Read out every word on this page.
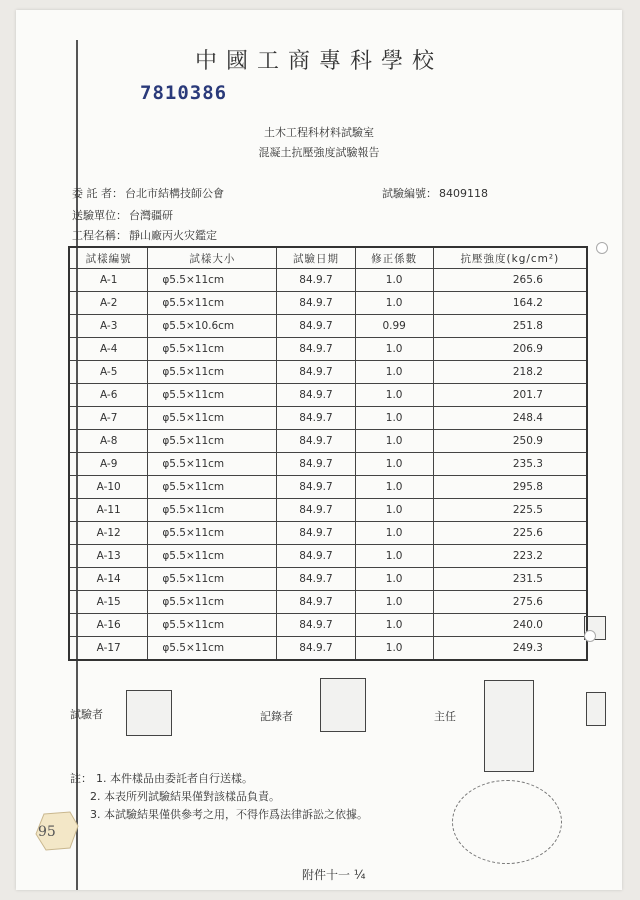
中國工商專科學校
7810386
土木工程科材料試驗室
混凝土抗壓強度試驗報告
委 託 者： 台北市結構技師公會	試驗編號： 8409118
送驗單位： 台灣疆研
工程名稱： 靜山廠丙火灾鑑定
試樣編號	試樣大小	試驗日期	修正係數	抗壓強度(kg/cm²)
A-1	φ5.5×11cm	84.9.7	1.0	265.6
A-2	φ5.5×11cm	84.9.7	1.0	164.2
A-3	φ5.5×10.6cm	84.9.7	0.99	251.8
A-4	φ5.5×11cm	84.9.7	1.0	206.9
A-5	φ5.5×11cm	84.9.7	1.0	218.2
A-6	φ5.5×11cm	84.9.7	1.0	201.7
A-7	φ5.5×11cm	84.9.7	1.0	248.4
A-8	φ5.5×11cm	84.9.7	1.0	250.9
A-9	φ5.5×11cm	84.9.7	1.0	235.3
A-10	φ5.5×11cm	84.9.7	1.0	295.8
A-11	φ5.5×11cm	84.9.7	1.0	225.5
A-12	φ5.5×11cm	84.9.7	1.0	225.6
A-13	φ5.5×11cm	84.9.7	1.0	223.2
A-14	φ5.5×11cm	84.9.7	1.0	231.5
A-15	φ5.5×11cm	84.9.7	1.0	275.6
A-16	φ5.5×11cm	84.9.7	1.0	240.0
A-17	φ5.5×11cm	84.9.7	1.0	249.3
試驗者	記錄者	主任
註： 1. 本件樣品由委託者自行送樣。
2. 本表所列試驗結果僅對該樣品負責。
3. 本試驗結果僅供參考之用，不得作爲法律訴訟之依據。
附件十一 ¼
95
